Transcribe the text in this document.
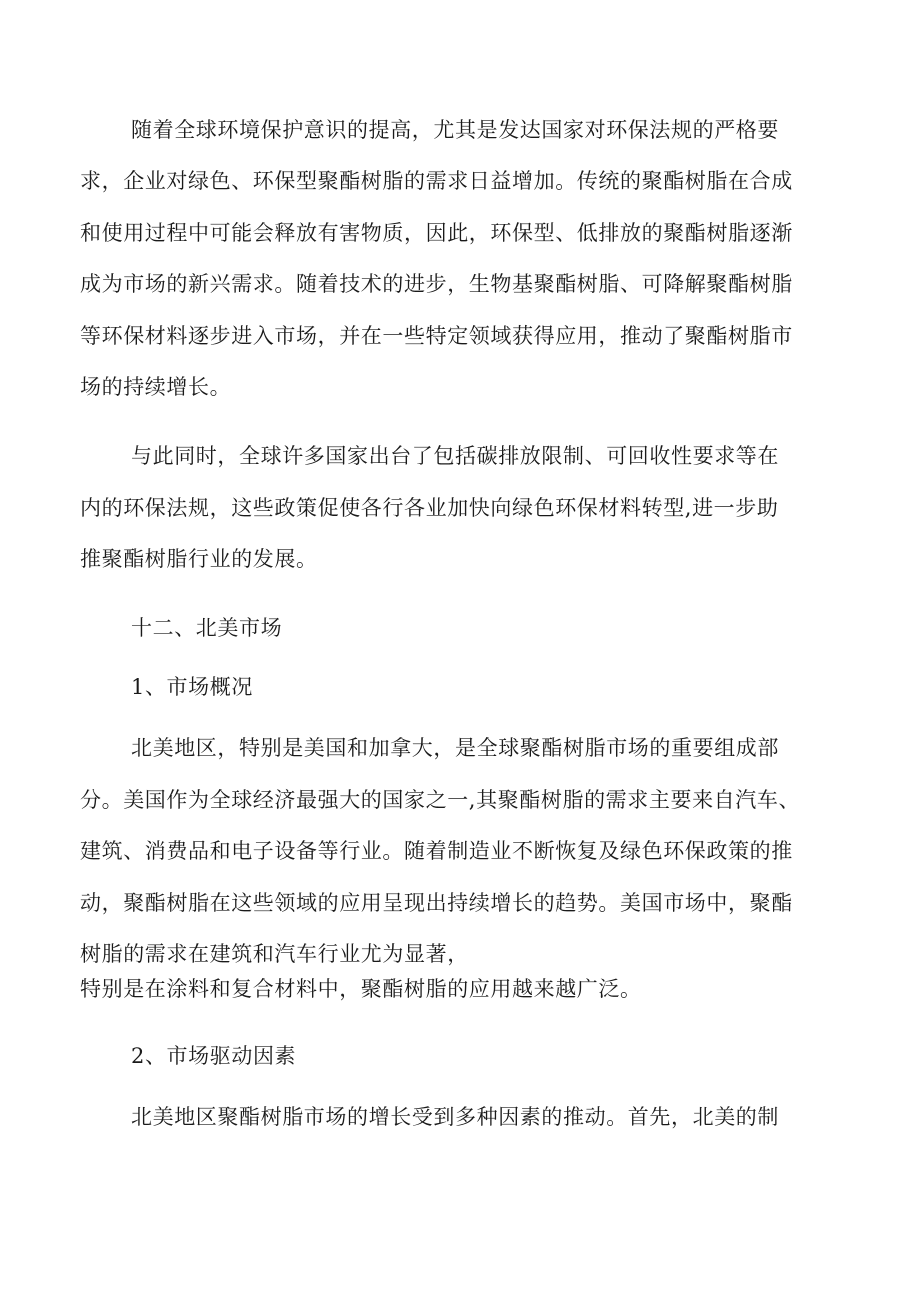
随着全球环境保护意识的提高，尤其是发达国家对环保法规的严格要
求，企业对绿色、环保型聚酯树脂的需求日益增加。传统的聚酯树脂在合成
和使用过程中可能会释放有害物质，因此，环保型、低排放的聚酯树脂逐渐
成为市场的新兴需求。随着技术的进步，生物基聚酯树脂、可降解聚酯树脂
等环保材料逐步进入市场，并在一些特定领域获得应用，推动了聚酯树脂市
场的持续增长。
与此同时，全球许多国家出台了包括碳排放限制、可回收性要求等在
内的环保法规，这些政策促使各行各业加快向绿色环保材料转型,进一步助
推聚酯树脂行业的发展。
十二、北美市场
1、市场概况
北美地区，特别是美国和加拿大，是全球聚酯树脂市场的重要组成部
分。美国作为全球经济最强大的国家之一,其聚酯树脂的需求主要来自汽车、
建筑、消费品和电子设备等行业。随着制造业不断恢复及绿色环保政策的推
动，聚酯树脂在这些领域的应用呈现出持续增长的趋势。美国市场中，聚酯
树脂的需求在建筑和汽车行业尤为显著，
特别是在涂料和复合材料中，聚酯树脂的应用越来越广泛。
2、市场驱动因素
北美地区聚酯树脂市场的增长受到多种因素的推动。首先，北美的制
